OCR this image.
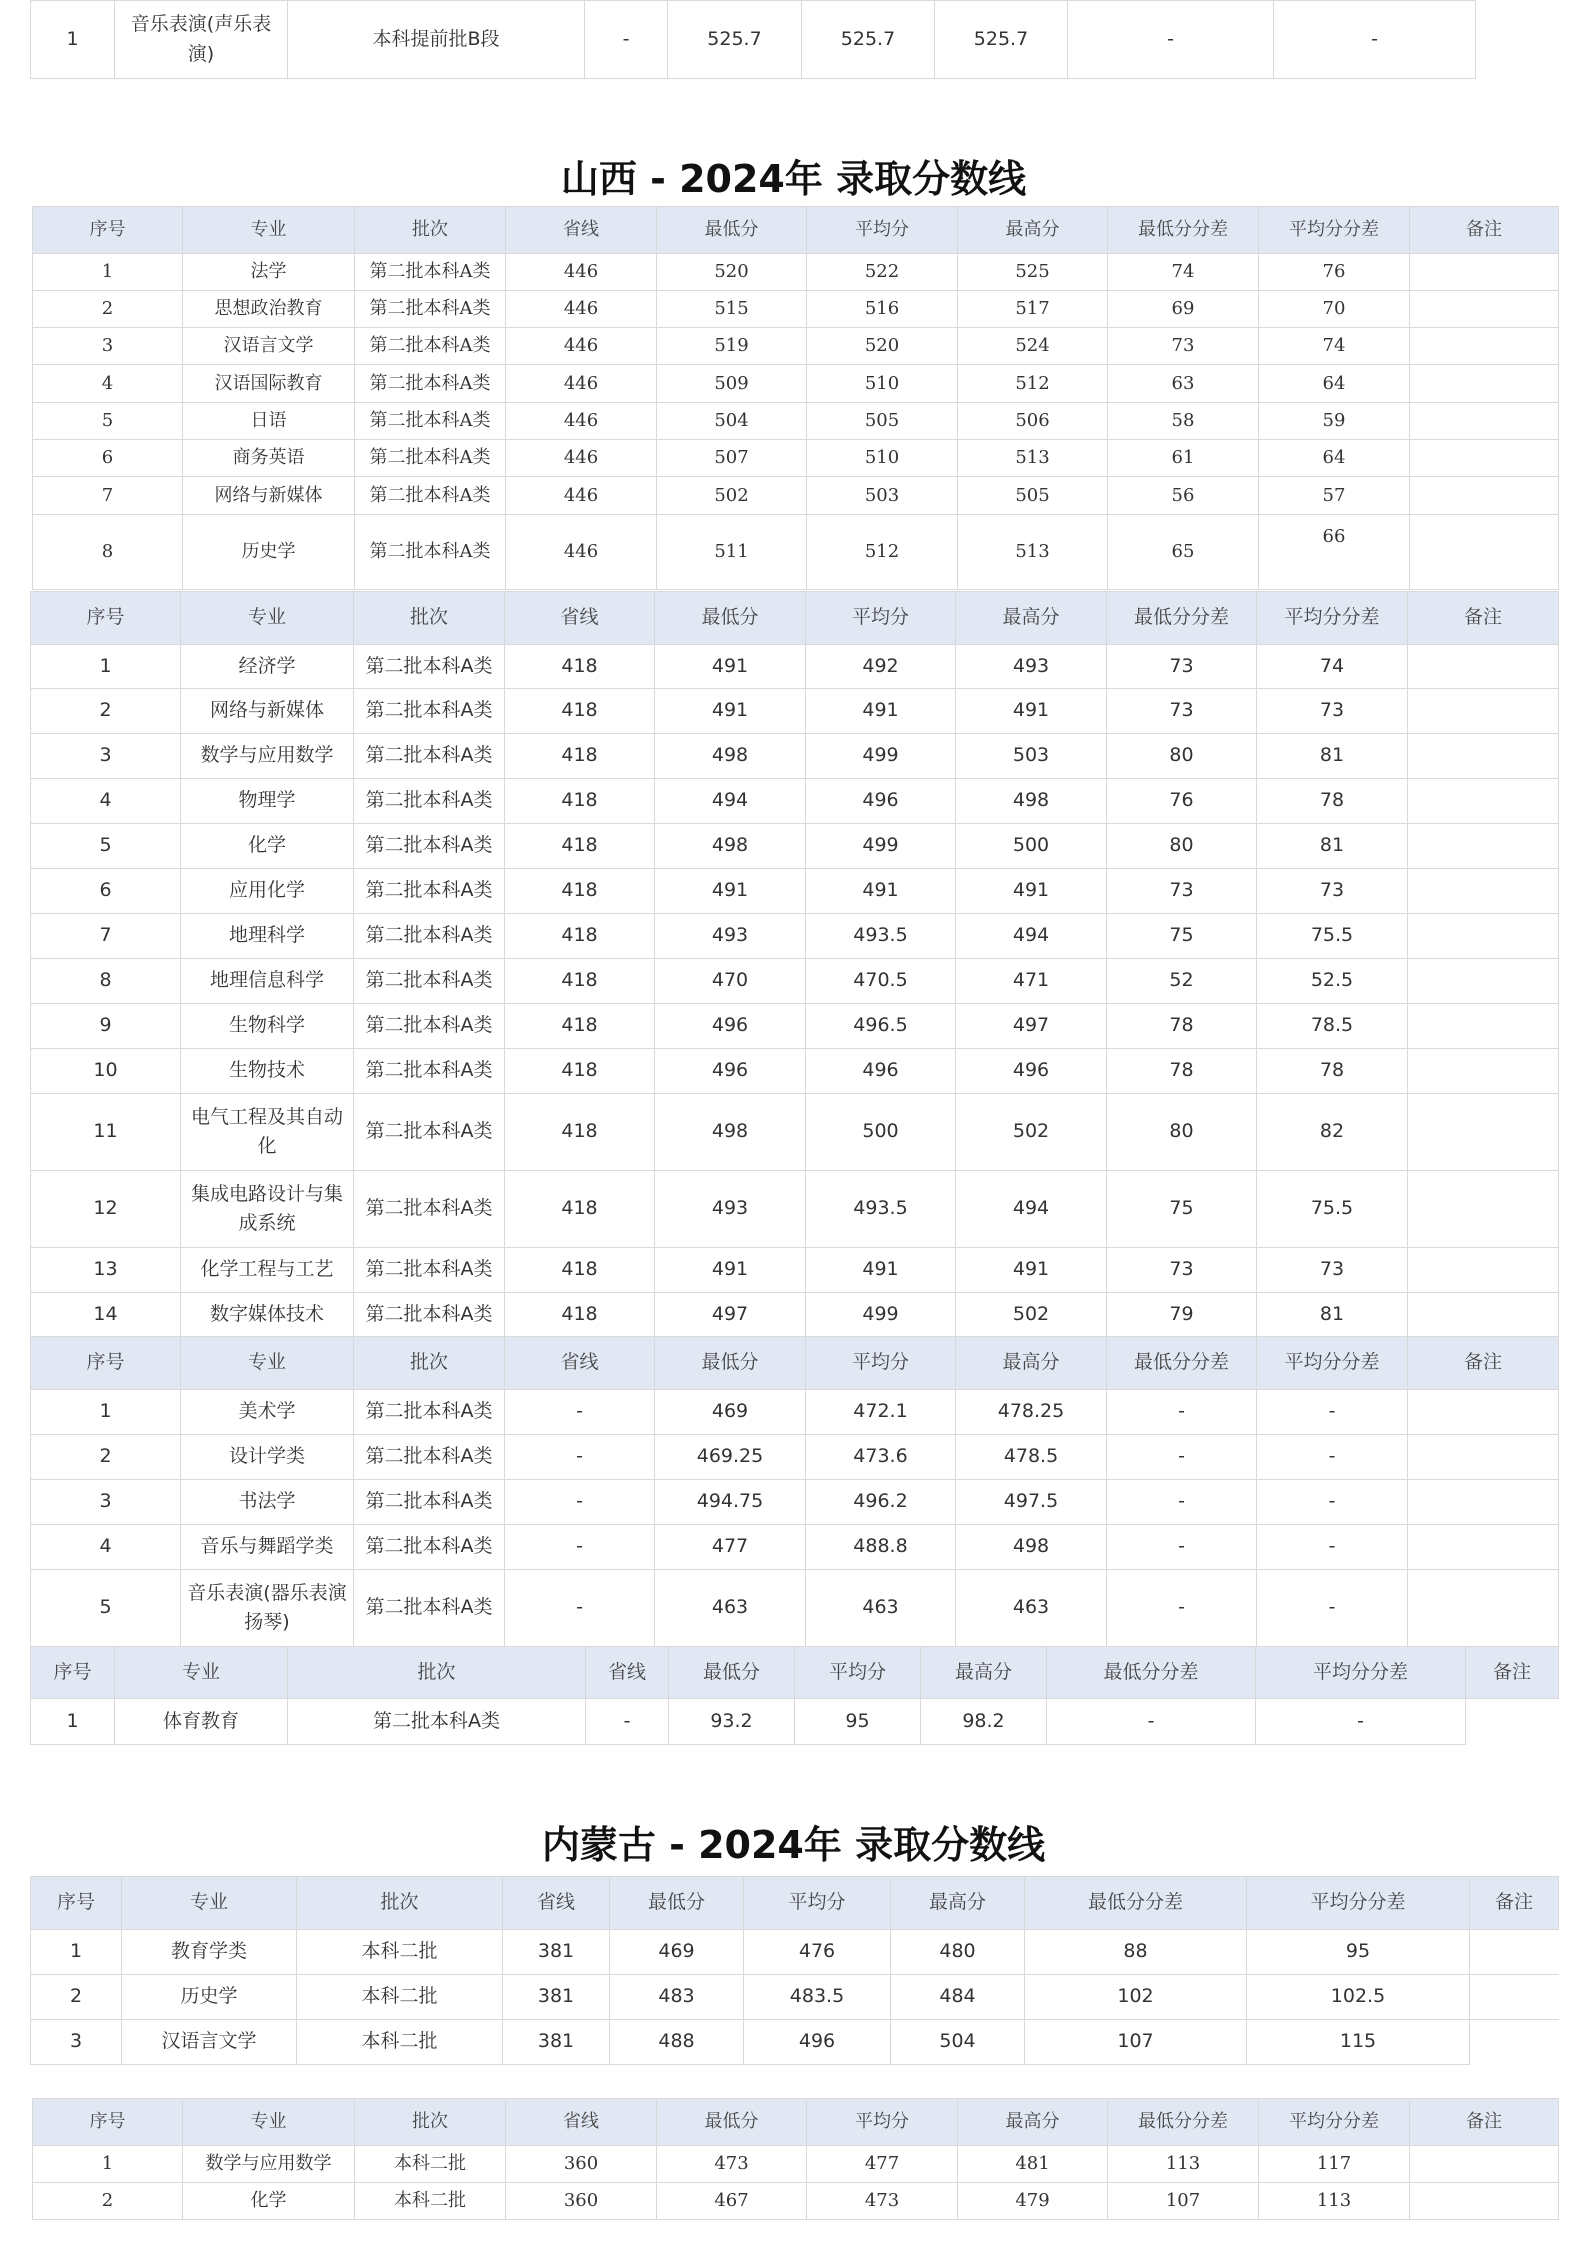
1	音乐表演(声乐表演)	本科提前批B段	-	525.7	525.7	525.7	-	-
山西 - 2024年 录取分数线
序号	专业	批次	省线	最低分	平均分	最高分	最低分分差	平均分分差	备注
1	法学	第二批本科A类	446	520	522	525	74	76	
2	思想政治教育	第二批本科A类	446	515	516	517	69	70	
3	汉语言文学	第二批本科A类	446	519	520	524	73	74	
4	汉语国际教育	第二批本科A类	446	509	510	512	63	64	
5	日语	第二批本科A类	446	504	505	506	58	59	
6	商务英语	第二批本科A类	446	507	510	513	61	64	
7	网络与新媒体	第二批本科A类	446	502	503	505	56	57	
8	历史学	第二批本科A类	446	511	512	513	65	66	
序号	专业	批次	省线	最低分	平均分	最高分	最低分分差	平均分分差	备注
1	经济学	第二批本科A类	418	491	492	493	73	74	
2	网络与新媒体	第二批本科A类	418	491	491	491	73	73	
3	数学与应用数学	第二批本科A类	418	498	499	503	80	81	
4	物理学	第二批本科A类	418	494	496	498	76	78	
5	化学	第二批本科A类	418	498	499	500	80	81	
6	应用化学	第二批本科A类	418	491	491	491	73	73	
7	地理科学	第二批本科A类	418	493	493.5	494	75	75.5	
8	地理信息科学	第二批本科A类	418	470	470.5	471	52	52.5	
9	生物科学	第二批本科A类	418	496	496.5	497	78	78.5	
10	生物技术	第二批本科A类	418	496	496	496	78	78	
11	电气工程及其自动化	第二批本科A类	418	498	500	502	80	82	
12	集成电路设计与集成系统	第二批本科A类	418	493	493.5	494	75	75.5	
13	化学工程与工艺	第二批本科A类	418	491	491	491	73	73	
14	数字媒体技术	第二批本科A类	418	497	499	502	79	81	
序号	专业	批次	省线	最低分	平均分	最高分	最低分分差	平均分分差	备注
1	美术学	第二批本科A类	-	469	472.1	478.25	-	-	
2	设计学类	第二批本科A类	-	469.25	473.6	478.5	-	-	
3	书法学	第二批本科A类	-	494.75	496.2	497.5	-	-	
4	音乐与舞蹈学类	第二批本科A类	-	477	488.8	498	-	-	
5	音乐表演(器乐表演扬琴)	第二批本科A类	-	463	463	463	-	-	
序号	专业	批次	省线	最低分	平均分	最高分	最低分分差	平均分分差	备注
1	体育教育	第二批本科A类	-	93.2	95	98.2	-	-	
内蒙古 - 2024年 录取分数线
序号	专业	批次	省线	最低分	平均分	最高分	最低分分差	平均分分差	备注
1	教育学类	本科二批	381	469	476	480	88	95	
2	历史学	本科二批	381	483	483.5	484	102	102.5	
3	汉语言文学	本科二批	381	488	496	504	107	115	
序号	专业	批次	省线	最低分	平均分	最高分	最低分分差	平均分分差	备注
1	数学与应用数学	本科二批	360	473	477	481	113	117	
2	化学	本科二批	360	467	473	479	107	113	
